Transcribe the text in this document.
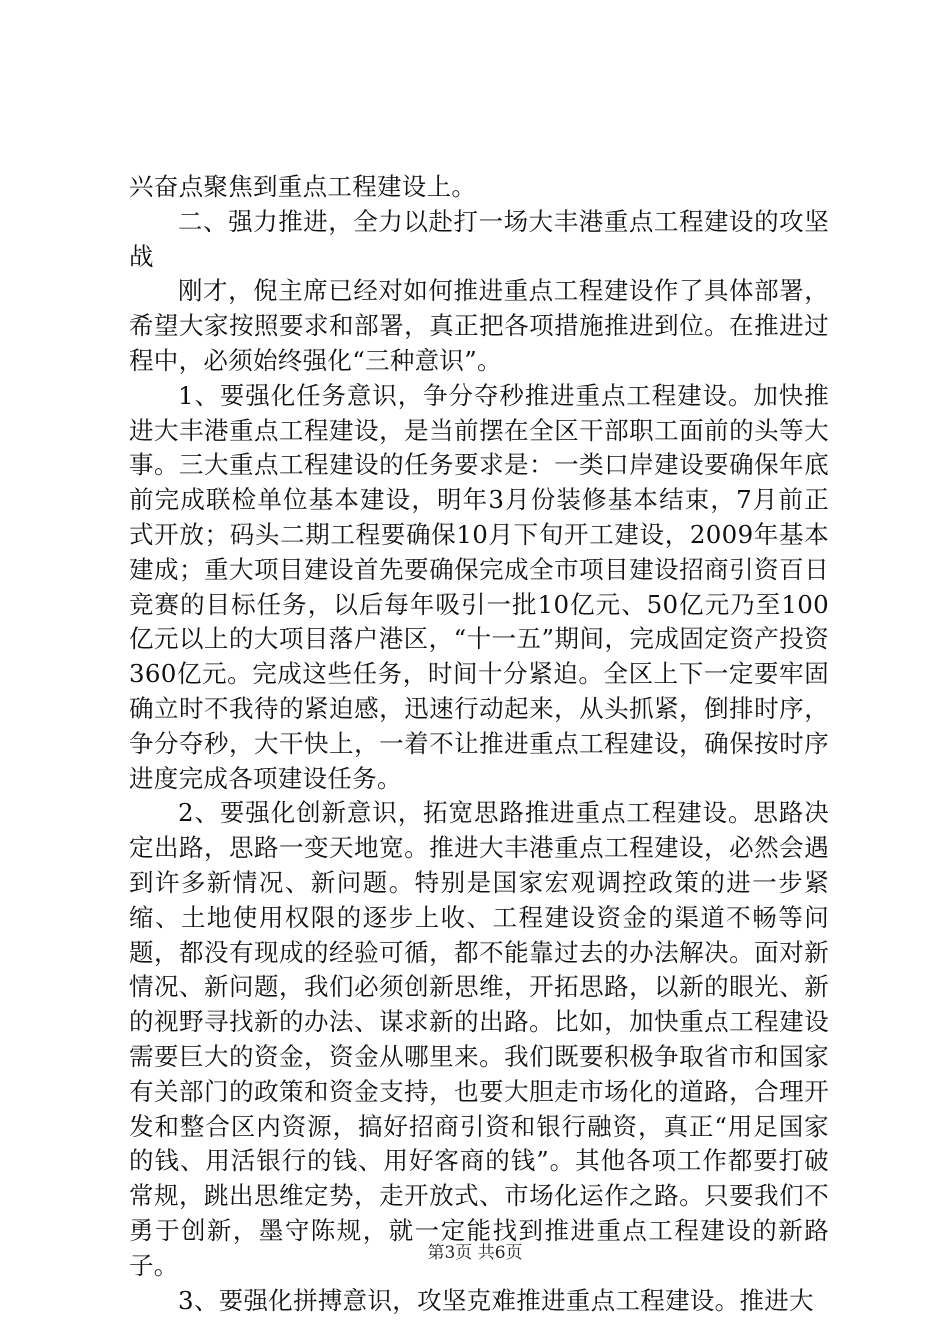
兴奋点聚焦到重点工程建设上。

二、强力推进，全力以赴打一场大丰港重点工程建设的攻坚战

刚才，倪主席已经对如何推进重点工程建设作了具体部署，希望大家按照要求和部署，真正把各项措施推进到位。在推进过程中，必须始终强化“三种意识”。

1、要强化任务意识，争分夺秒推进重点工程建设。加快推进大丰港重点工程建设，是当前摆在全区干部职工面前的头等大事。三大重点工程建设的任务要求是：一类口岸建设要确保年底前完成联检单位基本建设，明年3月份装修基本结束，7月前正式开放；码头二期工程要确保10月下旬开工建设，2009年基本建成；重大项目建设首先要确保完成全市项目建设招商引资百日竞赛的目标任务，以后每年吸引一批10亿元、50亿元乃至100亿元以上的大项目落户港区，“十一五”期间，完成固定资产投资360亿元。完成这些任务，时间十分紧迫。全区上下一定要牢固确立时不我待的紧迫感，迅速行动起来，从头抓紧，倒排时序，争分夺秒，大干快上，一着不让推进重点工程建设，确保按时序进度完成各项建设任务。

2、要强化创新意识，拓宽思路推进重点工程建设。思路决定出路，思路一变天地宽。推进大丰港重点工程建设，必然会遇到许多新情况、新问题。特别是国家宏观调控政策的进一步紧缩、土地使用权限的逐步上收、工程建设资金的渠道不畅等问题，都没有现成的经验可循，都不能靠过去的办法解决。面对新情况、新问题，我们必须创新思维，开拓思路，以新的眼光、新的视野寻找新的办法、谋求新的出路。比如，加快重点工程建设需要巨大的资金，资金从哪里来。我们既要积极争取省市和国家有关部门的政策和资金支持，也要大胆走市场化的道路，合理开发和整合区内资源，搞好招商引资和银行融资，真正“用足国家的钱、用活银行的钱、用好客商的钱”。其他各项工作都要打破常规，跳出思维定势，走开放式、市场化运作之路。只要我们不勇于创新，墨守陈规，就一定能找到推进重点工程建设的新路子。

3、要强化拼搏意识，攻坚克难推进重点工程建设。推进大

第3页 共6页
